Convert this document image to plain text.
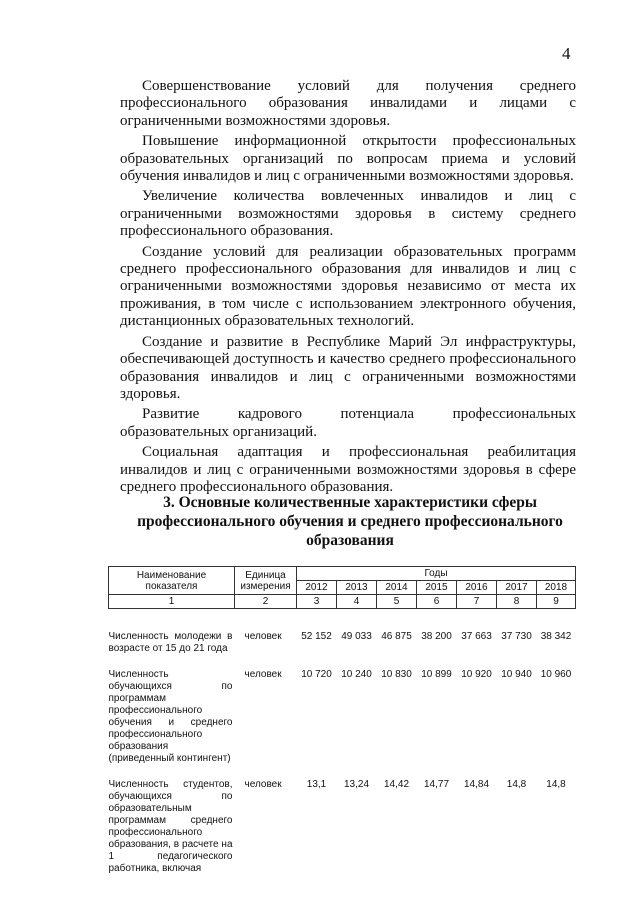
4

Совершенствование условий для получения среднего профессионального образования инвалидами и лицами с ограниченными возможностями здоровья.

Повышение информационной открытости профессиональных образовательных организаций по вопросам приема и условий обучения инвалидов и лиц с ограниченными возможностями здоровья.

Увеличение количества вовлеченных инвалидов и лиц с ограниченными возможностями здоровья в систему среднего профессионального образования.

Создание условий для реализации образовательных программ среднего профессионального образования для инвалидов и лиц с ограниченными возможностями здоровья независимо от места их проживания, в том числе с использованием электронного обучения, дистанционных образовательных технологий.

Создание и развитие в Республике Марий Эл инфраструктуры, обеспечивающей доступность и качество среднего профессионального образования инвалидов и лиц с ограниченными возможностями здоровья.

Развитие кадрового потенциала профессиональных образовательных организаций.

Социальная адаптация и профессиональная реабилитация инвалидов и лиц с ограниченными возможностями здоровья в сфере среднего профессионального образования.

3. Основные количественные характеристики сферы профессионального обучения и среднего профессионального образования
Наименование показателя	Единица измерения	Годы						
		2012	2013	2014	2015	2016	2017	2018
1	2	3	4	5	6	7	8	9

Численность молодежи в возрасте от 15 до 21 года	человек	52 152	49 033	46 875	38 200	37 663	37 730	38 342
Численность обучающихся по программам профессионального обучения и среднего профессионального образования (приведенный контингент)	человек	10 720	10 240	10 830	10 899	10 920	10 940	10 960
Численность студентов, обучающихся по образовательным программам среднего профессионального образования, в расчете на 1 педагогического работника, включая	человек	13,1	13,24	14,42	14,77	14,84	14,8	14,8
